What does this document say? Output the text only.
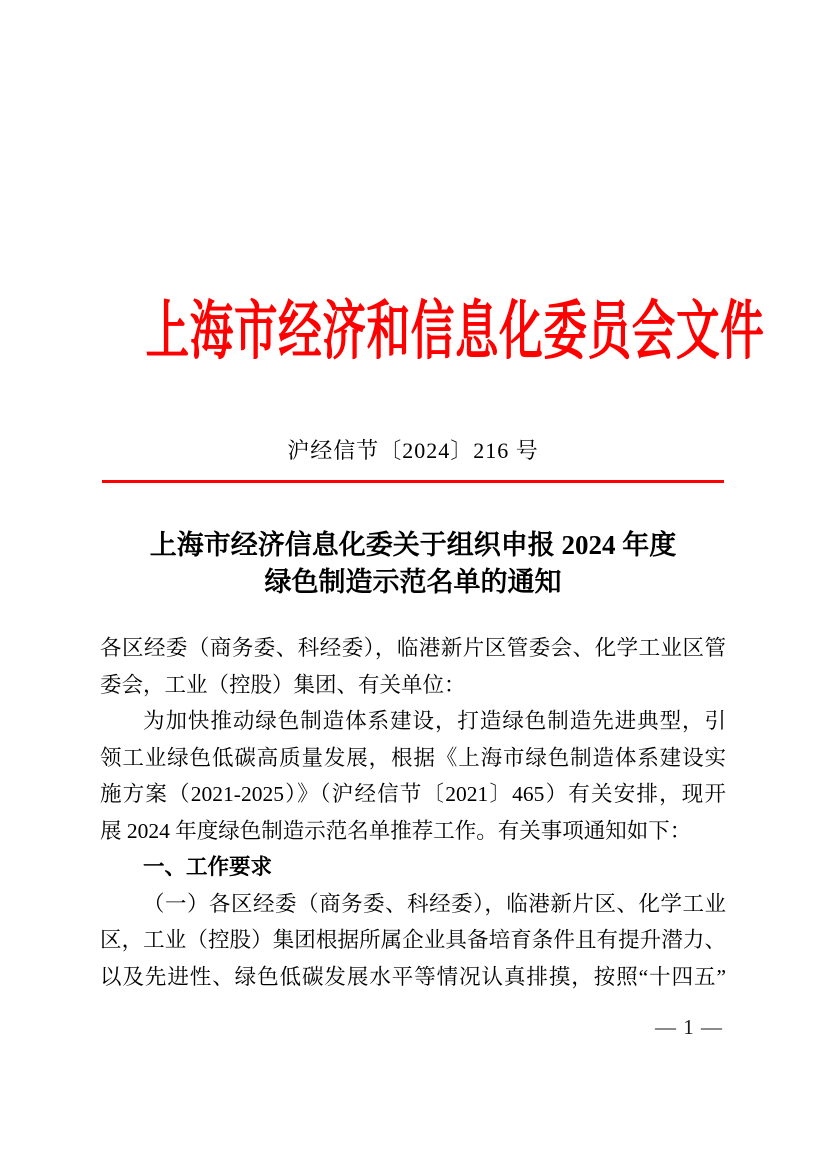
上海市经济和信息化委员会文件
沪经信节〔2024〕216 号
上海市经济信息化委关于组织申报 2024 年度
绿色制造示范名单的通知
各区经委（商务委、科经委），临港新片区管委会、化学工业区管
委会，工业（控股）集团、有关单位：
为加快推动绿色制造体系建设，打造绿色制造先进典型，引
领工业绿色低碳高质量发展，根据《上海市绿色制造体系建设实
施方案（2021-2025）》（沪经信节〔2021〕465）有关安排，现开
展 2024 年度绿色制造示范名单推荐工作。有关事项通知如下：
一、工作要求
（一）各区经委（商务委、科经委），临港新片区、化学工业
区，工业（控股）集团根据所属企业具备培育条件且有提升潜力、
以及先进性、绿色低碳发展水平等情况认真排摸，按照“十四五”
— 1 —
